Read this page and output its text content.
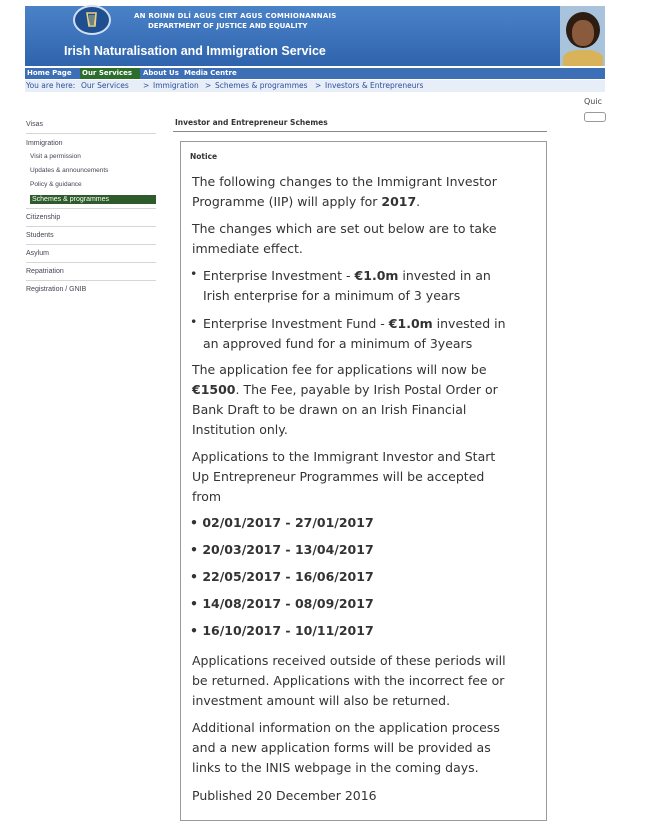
AN ROINN DLÍ AGUS CIRT AGUS COMHIONANNAIS
DEPARTMENT OF JUSTICE AND EQUALITY
Irish Naturalisation and Immigration Service
Home Page	Our Services	About Us Media Centre
You are here: Our Services > Immigration > Schemes & programmes > Investors & Entrepreneurs
Quic
Visas
Immigration
Visit a permission
Updates & announcements
Policy & guidance
Schemes & programmes
Citizenship
Students
Asylum
Repatriation
Registration / GNIB
Investor and Entrepreneur Schemes
Notice
The following changes to the Immigrant Investor
Programme (IIP) will apply for 2017.
The changes which are set out below are to take
immediate effect.
• Enterprise Investment - €1.0m invested in an
Irish enterprise for a minimum of 3 years
• Enterprise Investment Fund - €1.0m invested in
an approved fund for a minimum of 3years
The application fee for applications will now be
€1500. The Fee, payable by Irish Postal Order or
Bank Draft to be drawn on an Irish Financial
Institution only.
Applications to the Immigrant Investor and Start
Up Entrepreneur Programmes will be accepted
from
• 02/01/2017 - 27/01/2017
• 20/03/2017 - 13/04/2017
• 22/05/2017 - 16/06/2017
• 14/08/2017 - 08/09/2017
• 16/10/2017 - 10/11/2017
Applications received outside of these periods will
be returned. Applications with the incorrect fee or
investment amount will also be returned.
Additional information on the application process
and a new application forms will be provided as
links to the INIS webpage in the coming days.
Published 20 December 2016
